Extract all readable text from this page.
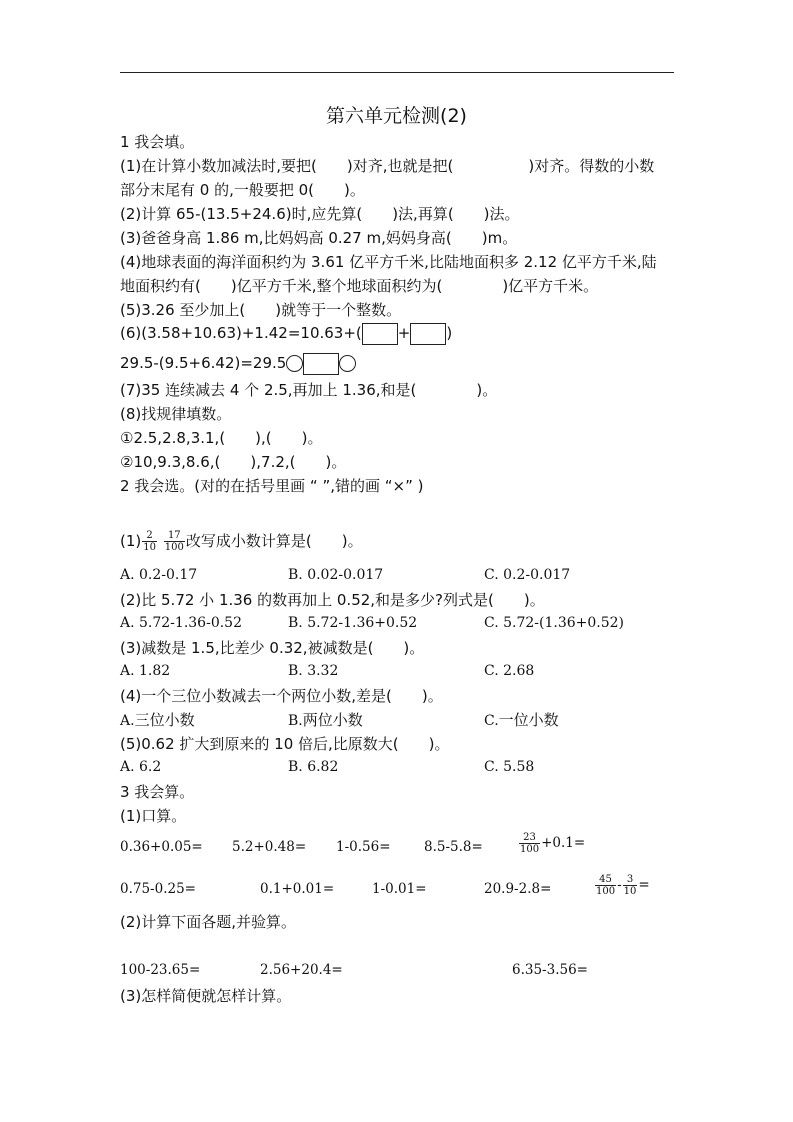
第六单元检测(2)
1 我会填。
(1)在计算小数加减法时,要把(　　)对齐,也就是把(　　　　　)对齐。得数的小数
部分末尾有 0 的,一般要把 0(　　)。
(2)计算 65-(13.5+24.6)时,应先算(　　)法,再算(　　)法。
(3)爸爸身高 1.86 m,比妈妈高 0.27 m,妈妈身高(　　)m。
(4)地球表面的海洋面积约为 3.61 亿平方千米,比陆地面积多 2.12 亿平方千米,陆
地面积约有(　　)亿平方千米,整个地球面积约为(　　　　)亿平方千米。
(5)3.26 至少加上(　　)就等于一个整数。
(6)(3.58+10.63)+1.42=10.63+( + )
29.5-(9.5+6.42)=29.5
(7)35 连续减去 4 个 2.5,再加上 1.36,和是(　　　　)。
(8)找规律填数。
①2.5,2.8,3.1,(　　),(　　)。
②10,9.3,8.6,(　　),7.2,(　　)。
2 我会选。(对的在括号里画 “ ”,错的画 “×” )
$(1) \frac{2}{10}$
$\frac{17}{100}$ 改写成小数计算是(　　)。
A. 0.2-0.17	B. 0.02-0.017	C. 0.2-0.017
(2)比 5.72 小 1.36 的数再加上 0.52,和是多少?列式是(　　)。
A. 5.72-1.36-0.52	B. 5.72-1.36+0.52	C. 5.72-(1.36+0.52)
(3)减数是 1.5,比差少 0.32,被减数是(　　)。
A. 1.82	B. 3.32	C. 2.68
(4)一个三位小数减去一个两位小数,差是(　　)。
A.三位小数	B.两位小数	C.一位小数
(5)0.62 扩大到原来的 10 倍后,比原数大(　　)。
A. 6.2	B. 6.82	C. 5.58
3 我会算。
(1)口算。
0.36+0.05= 5.2+0.48= 1-0.56= 8.5-5.8=	$\frac{23}{100} +0.1=$
0.75-0.25=	0.1+0.01=	1-0.01=	20.9-2.8=	$\frac{45}{100} - \frac{3}{10}$ =
(2)计算下面各题,并验算。
100-23.65=	2.56+20.4=	6.35-3.56=
(3)怎样简便就怎样计算。
